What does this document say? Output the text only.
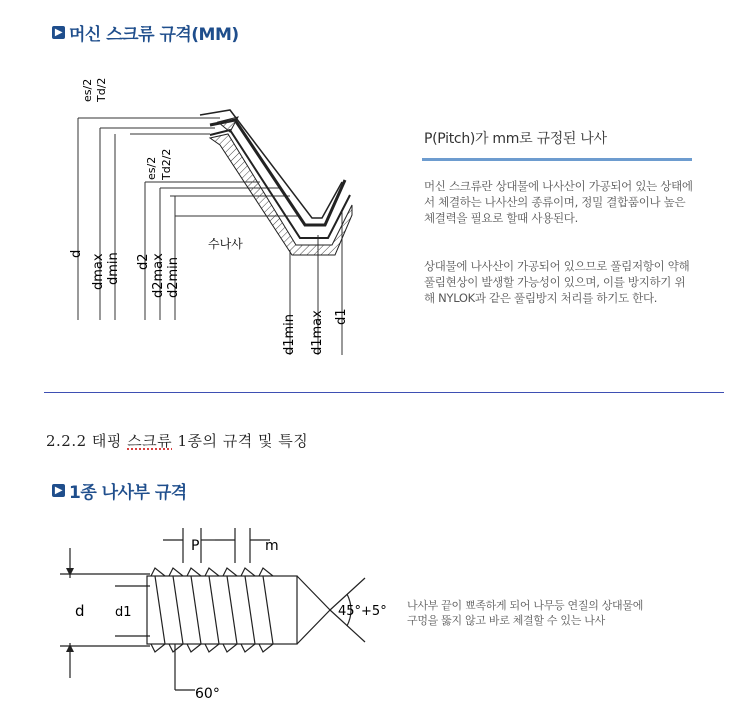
▶ 머신 스크류 규격(MM)
es/2 Td/2
es/2 Td2/2
d dmax dmin d2 d2max d2min
수나사
d1min d1max d1
P(Pitch)가 mm로 규정된 나사
머신 스크류란 상대물에 나사산이 가공되어 있는 상태에서 체결하는 나사산의 종류이며, 정밀 결합품이나 높은 체결력을 필요로 할때 사용된다.
상대물에 나사산이 가공되어 있으므로 풀림저항이 약해 풀림현상이 발생할 가능성이 있으며, 이를 방지하기 위해 NYLOK과 같은 풀림방지 처리를 하기도 한다.
2.2.2 태핑 스크류 1종의 규격 및 특징
▶ 1종 나사부 규격
P	m
d d1	45°+5°
60°
나사부 끝이 뾰족하게 되어 나무등 연질의 상대물에
구멍을 뚫지 않고 바로 체결할 수 있는 나사
